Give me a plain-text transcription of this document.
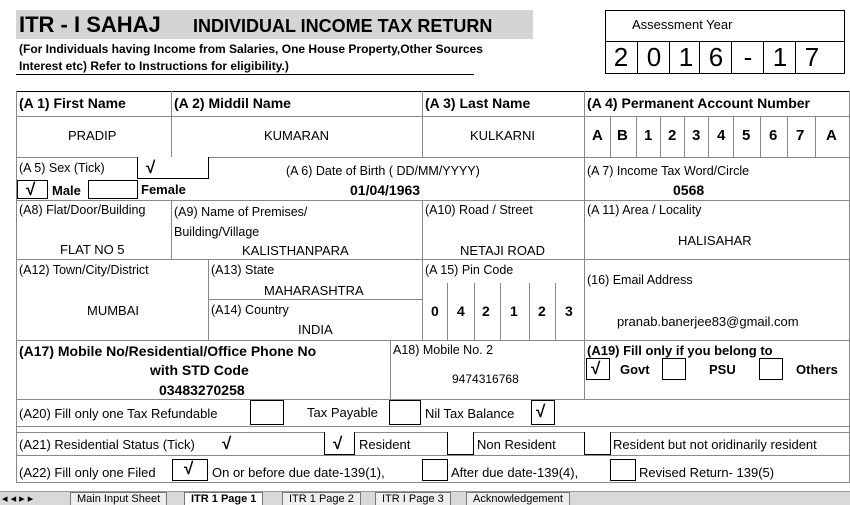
ITR - I SAHAJ INDIVIDUAL INCOME TAX RETURN
(For Individuals having Income from Salaries, One House Property,Other Sources
Interest etc) Refer to Instructions for eligibility.)
Assessment Year
2 0 1 6 - 1 7
(A 1) First Name	(A 2) Middil Name	(A 3) Last Name	(A 4) Permanent Account Number
PRADIP	KUMARAN	KULKARNI	A B 1 2 3 4 5 6 7 A
(A 5) Sex (Tick) √
√ Male	Female
(A 6) Date of Birth ( DD/MM/YYYY)
01/04/1963
(A 7) Income Tax Word/Circle
0568
(A8) Flat/Door/Building
FLAT NO 5
(A9) Name of Premises/
Building/Village
KALISTHANPARA
(A10) Road / Street
NETAJI ROAD
(A 11) Area / Locality
HALISAHAR
(A12) Town/City/District
MUMBAI
(A13) State
MAHARASHTRA
(A14) Country
INDIA
(A 15) Pin Code
0 4 2 1 2 3
(16) Email Address
pranab.banerjee83@gmail.com
(A17) Mobile No/Residential/Office Phone No
with STD Code
03483270258
A18) Mobile No. 2
9474316768
(A19) Fill only if you belong to
√ Govt	PSU	Others
(A20) Fill only one Tax Refundable	Tax Payable	Nil Tax Balance √
(A21) Residential Status (Tick) √	√ Resident	Non Resident	Resident but not oridinarily resident
(A22) Fill only one Filed √ On or before due date-139(1),	After due date-139(4),	Revised Return- 139(5)
◂ ◂ ▸ ▸	Main Input Sheet	ITR 1 Page 1	ITR 1 Page 2	ITR I Page 3	Acknowledgement
